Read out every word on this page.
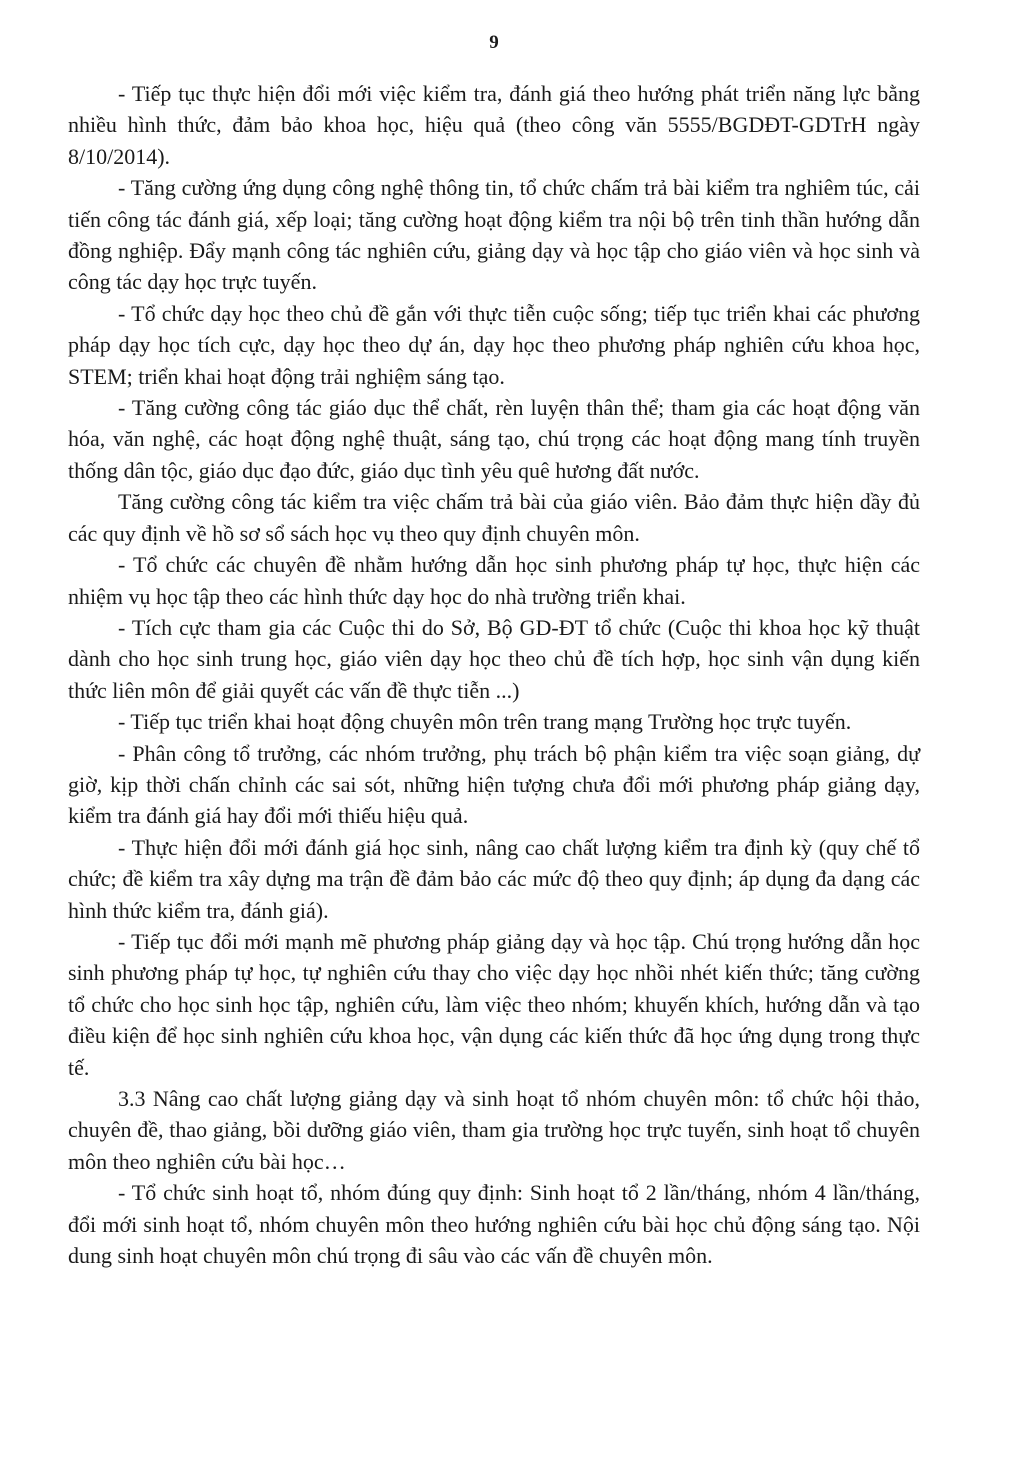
9

- Tiếp tục thực hiện đổi mới việc kiểm tra, đánh giá theo hướng phát triển năng lực bằng nhiều hình thức, đảm bảo khoa học, hiệu quả (theo công văn 5555/BGDĐT-GDTrH ngày 8/10/2014).

- Tăng cường ứng dụng công nghệ thông tin, tổ chức chấm trả bài kiểm tra nghiêm túc, cải tiến công tác đánh giá, xếp loại; tăng cường hoạt động kiểm tra nội bộ trên tinh thần hướng dẫn đồng nghiệp. Đẩy mạnh công tác nghiên cứu, giảng dạy và học tập cho giáo viên và học sinh và công tác dạy học trực tuyến.

- Tổ chức dạy học theo chủ đề gắn với thực tiễn cuộc sống; tiếp tục triển khai các phương pháp dạy học tích cực, dạy học theo dự án, dạy học theo phương pháp nghiên cứu khoa học, STEM; triển khai hoạt động trải nghiệm sáng tạo.

- Tăng cường công tác giáo dục thể chất, rèn luyện thân thể; tham gia các hoạt động văn hóa, văn nghệ, các hoạt động nghệ thuật, sáng tạo, chú trọng các hoạt động mang tính truyền thống dân tộc, giáo dục đạo đức, giáo dục tình yêu quê hương đất nước.

Tăng cường công tác kiểm tra việc chấm trả bài của giáo viên. Bảo đảm thực hiện dầy đủ các quy định về hồ sơ sổ sách học vụ theo quy định chuyên môn.

- Tổ chức các chuyên đề nhằm hướng dẫn học sinh phương pháp tự học, thực hiện các nhiệm vụ học tập theo các hình thức dạy học do nhà trường triển khai.

- Tích cực tham gia các Cuộc thi do Sở, Bộ GD-ĐT tổ chức (Cuộc thi khoa học kỹ thuật dành cho học sinh trung học, giáo viên dạy học theo chủ đề tích hợp, học sinh vận dụng kiến thức liên môn để giải quyết các vấn đề thực tiễn ...)

- Tiếp tục triển khai hoạt động chuyên môn trên trang mạng Trường học trực tuyến.

- Phân công tổ trưởng, các nhóm trưởng, phụ trách bộ phận kiểm tra việc soạn giảng, dự giờ, kịp thời chấn chỉnh các sai sót, những hiện tượng chưa đổi mới phương pháp giảng dạy, kiểm tra đánh giá hay đổi mới thiếu hiệu quả.

- Thực hiện đổi mới đánh giá học sinh, nâng cao chất lượng kiểm tra định kỳ (quy chế tổ chức; đề kiểm tra xây dựng ma trận đề đảm bảo các mức độ theo quy định; áp dụng đa dạng các hình thức kiểm tra, đánh giá).

- Tiếp tục đổi mới mạnh mẽ phương pháp giảng dạy và học tập. Chú trọng hướng dẫn học sinh phương pháp tự học, tự nghiên cứu thay cho việc dạy học nhồi nhét kiến thức; tăng cường tổ chức cho học sinh học tập, nghiên cứu, làm việc theo nhóm; khuyến khích, hướng dẫn và tạo điều kiện để học sinh nghiên cứu khoa học, vận dụng các kiến thức đã học ứng dụng trong thực tế.

3.3 Nâng cao chất lượng giảng dạy và sinh hoạt tổ nhóm chuyên môn: tổ chức hội thảo, chuyên đề, thao giảng, bồi dưỡng giáo viên, tham gia trường học trực tuyến, sinh hoạt tổ chuyên môn theo nghiên cứu bài học…

- Tổ chức sinh hoạt tổ, nhóm đúng quy định: Sinh hoạt tổ 2 lần/tháng, nhóm 4 lần/tháng, đổi mới sinh hoạt tổ, nhóm chuyên môn theo hướng nghiên cứu bài học chủ động sáng tạo. Nội dung sinh hoạt chuyên môn chú trọng đi sâu vào các vấn đề chuyên môn.
